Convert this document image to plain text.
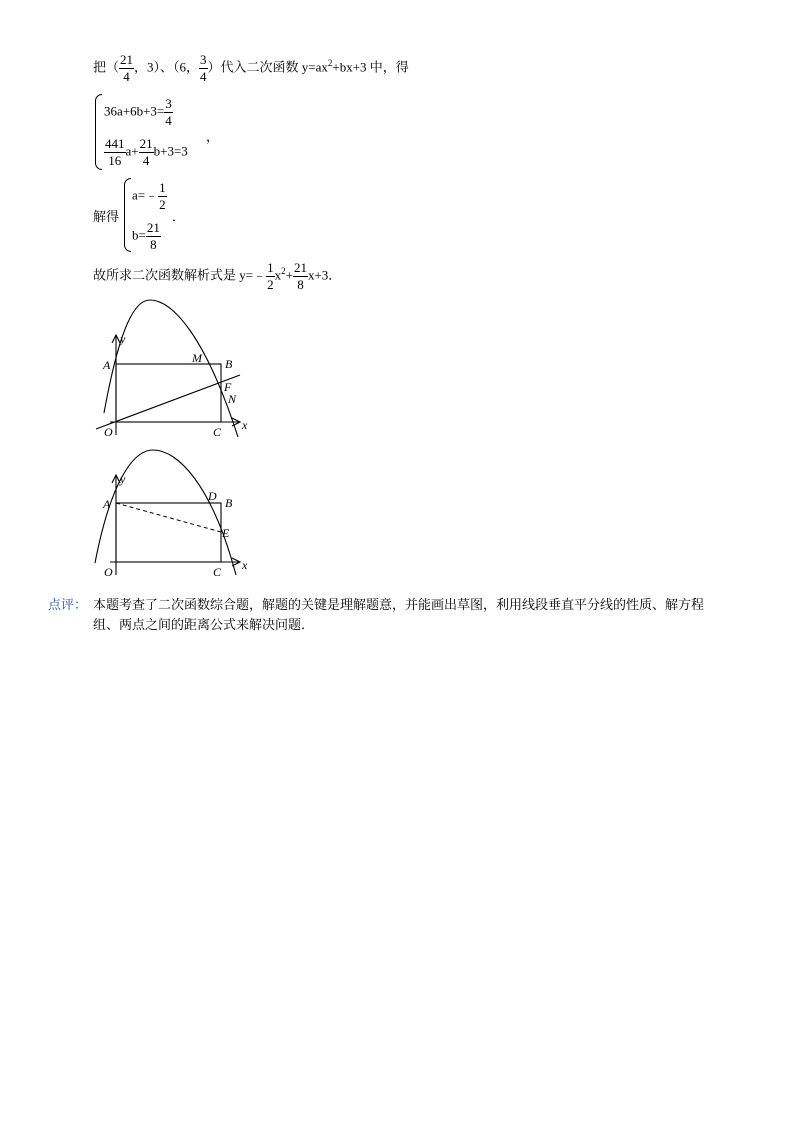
把（ $\frac{21}{4}$ ，3）、（6， $\frac{3}{4}$ ）代入二次函数 $y=ax^2+bx+3$ 中，得
$36a+6b+3= \frac{3}{4}$
$\frac{441}{16} a+ \frac{21}{4} b+3=3$
，
解得
a=﹣ $\frac{1}{2}$
$b= \frac{21}{8}$
．
故所求二次函数解析式是 y=﹣ $\frac{1}{2} x^2+ \frac{21}{8} x+3$．
y
A	M B
F
N
O	C x
y
A
D B
E
O	C x
点评： 本题考查了二次函数综合题，解题的关键是理解题意，并能画出草图，利用线段垂直平分线的性质、解方程
组、两点之间的距离公式来解决问题．
